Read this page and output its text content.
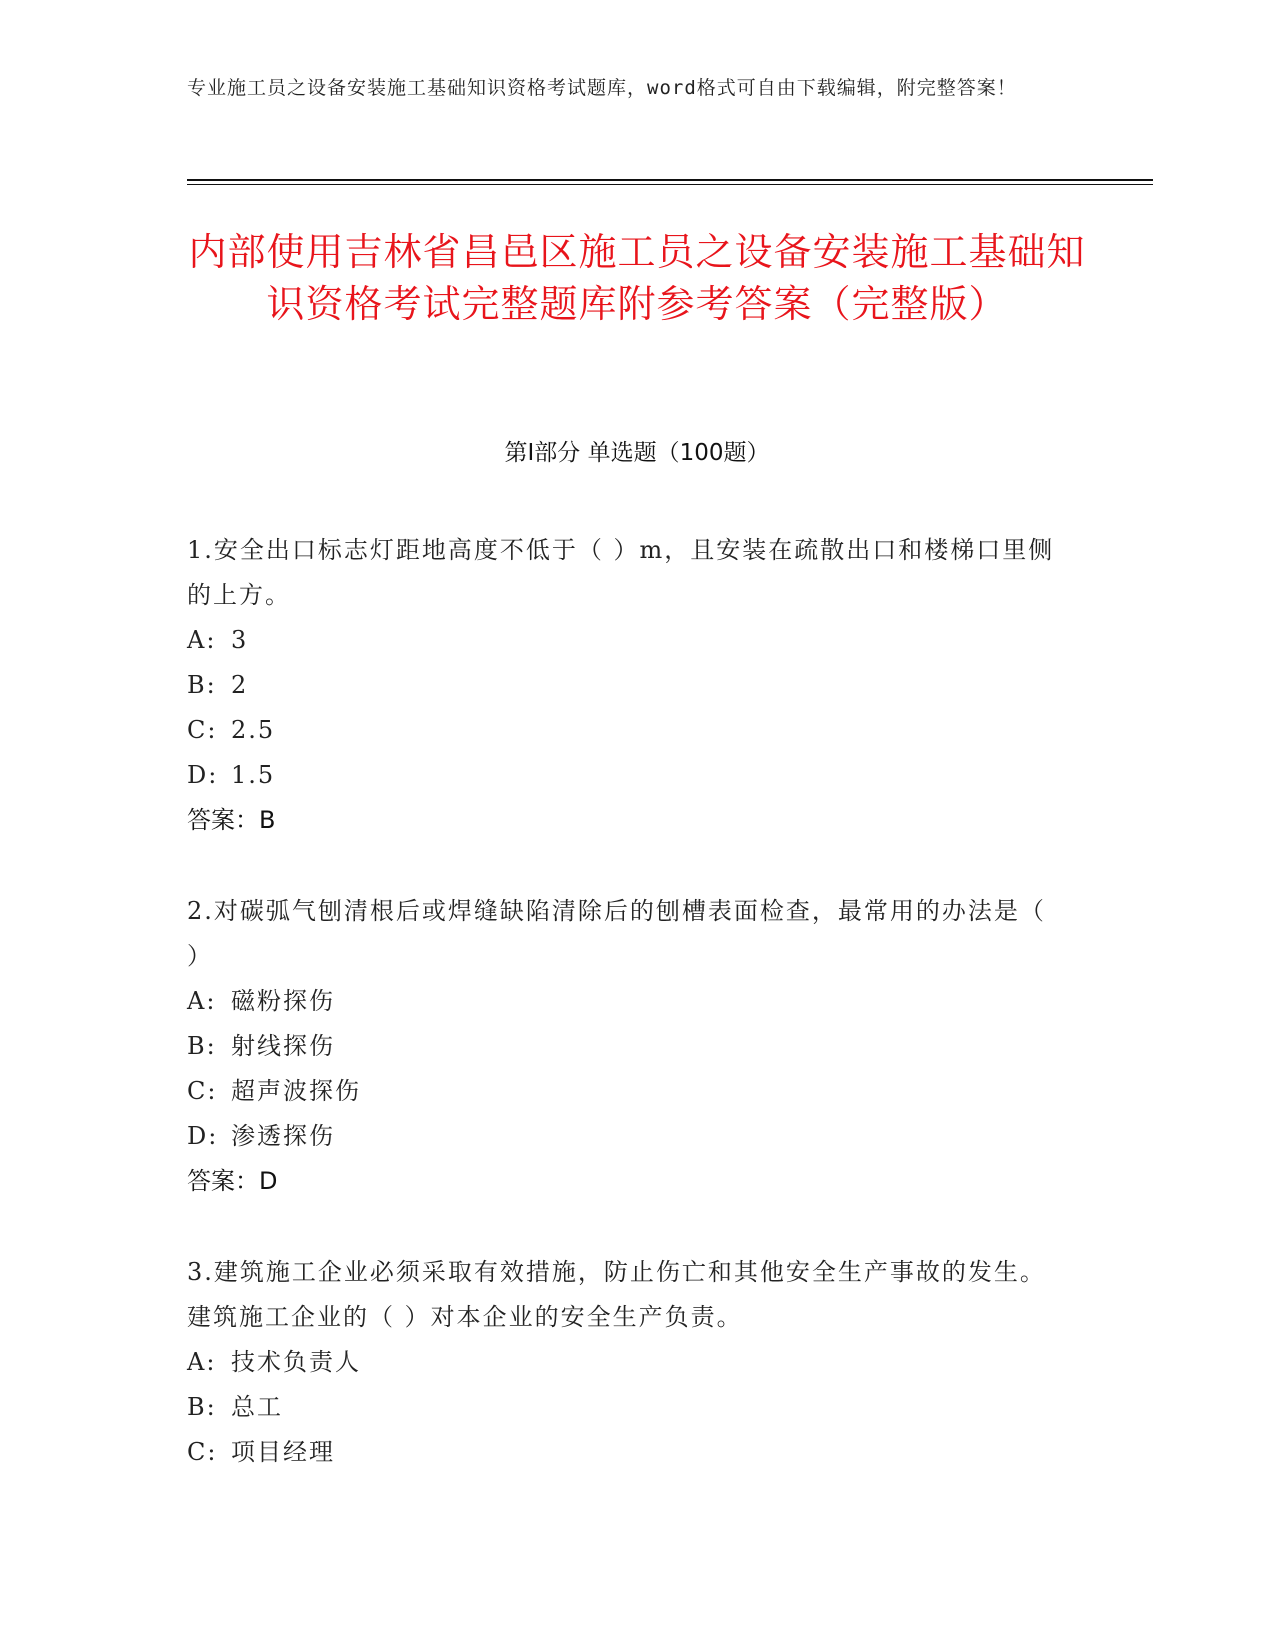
专业施工员之设备安装施工基础知识资格考试题库，word格式可自由下载编辑，附完整答案！
内部使用吉林省昌邑区施工员之设备安装施工基础知识资格考试完整题库附参考答案（完整版）
第Ⅰ部分 单选题（100题）
1.安全出口标志灯距地高度不低于（ ）m，且安装在疏散出口和楼梯口里侧的上方。
A: 3
B: 2
C: 2.5
D: 1.5
答案：B
2.对碳弧气刨清根后或焊缝缺陷清除后的刨槽表面检查，最常用的办法是（ ）
A: 磁粉探伤
B: 射线探伤
C: 超声波探伤
D: 渗透探伤
答案：D
3.建筑施工企业必须采取有效措施，防止伤亡和其他安全生产事故的发生。建筑施工企业的（ ）对本企业的安全生产负责。
A: 技术负责人
B: 总工
C: 项目经理
